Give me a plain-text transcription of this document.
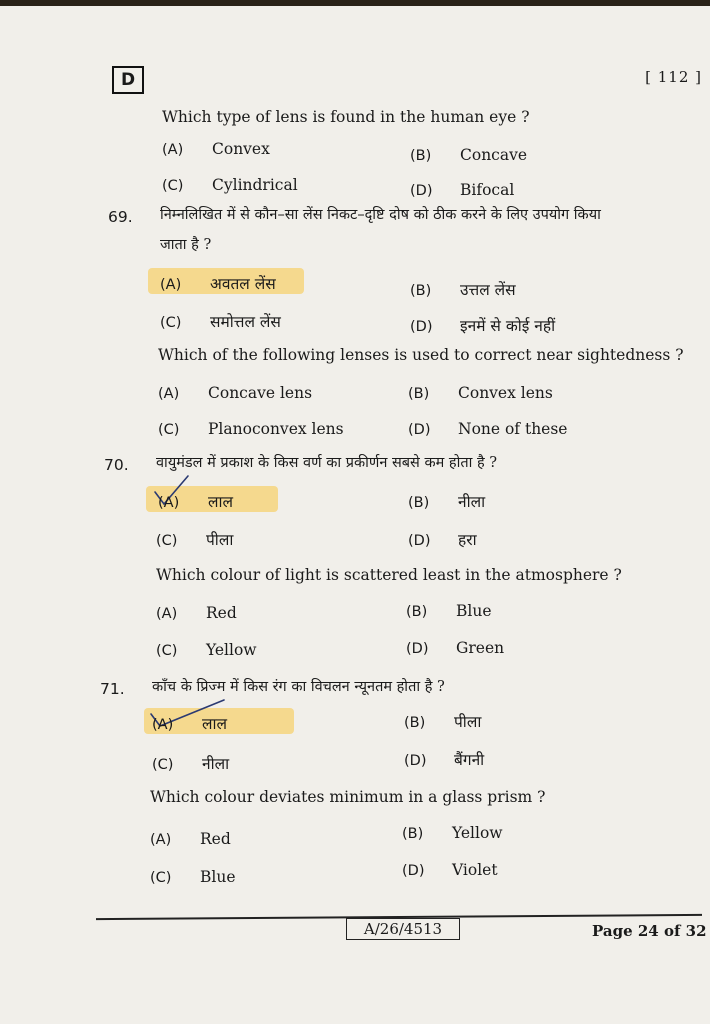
D	[ 112 ]
Which type of lens is found in the human eye ?
(A) Convex	(B) Concave
(C) Cylindrical	(D) Bifocal
69. निम्नलिखित में से कौन–सा लेंस निकट–दृष्टि दोष को ठीक करने के लिए उपयोग किया
जाता है ?
(A) अवतल लेंस	(B) उत्तल लेंस
(C) समोत्तल लेंस	(D) इनमें से कोई नहीं
Which of the following lenses is used to correct near sightedness ?
(A) Concave lens	(B) Convex lens
(C) Planoconvex lens	(D) None of these
70. वायुमंडल में प्रकाश के किस वर्ण का प्रकीर्णन सबसे कम होता है ?
(A) लाल	(B) नीला
(C) पीला	(D) हरा
Which colour of light is scattered least in the atmosphere ?
(A) Red	(B) Blue
(C) Yellow	(D) Green
71. काँच के प्रिज्म में किस रंग का विचलन न्यूनतम होता है ?
(A) लाल	(B) पीला
(C) नीला	(D) बैंगनी
Which colour deviates minimum in a glass prism ?
(A) Red	(B) Yellow
(C) Blue	(D) Violet
A/26/4513	Page 24 of 32
